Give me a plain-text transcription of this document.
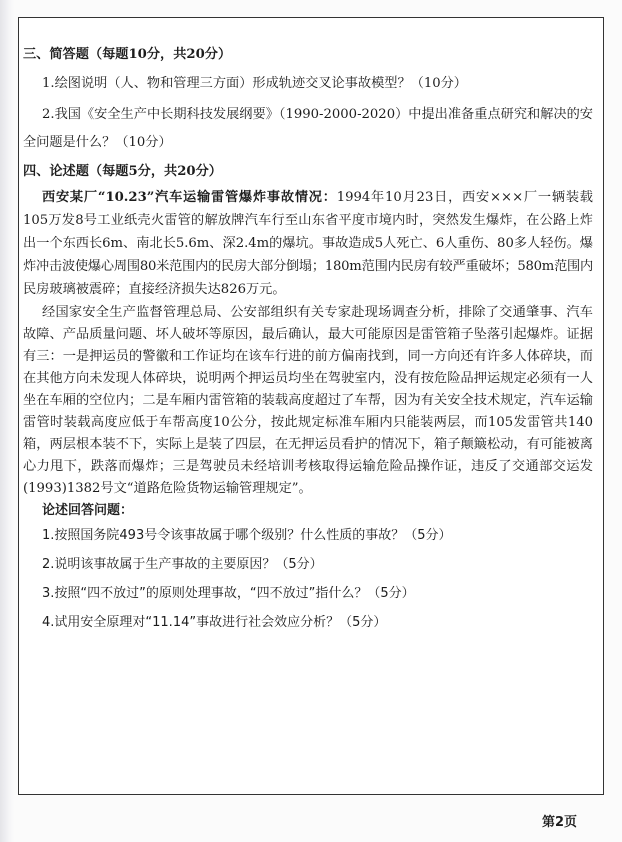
三、简答题（每题10分，共20分）
1.绘图说明（人、物和管理三方面）形成轨迹交叉论事故模型？（10分）
2.我国《安全生产中长期科技发展纲要》（1990-2000-2020）中提出准备重点研究和解决的安
全问题是什么？（10分）
四、论述题（每题5分，共20分）
西安某厂“10.23”汽车运输雷管爆炸事故情况：1994年10月23日，西安×××厂一辆装载
105万发8号工业纸壳火雷管的解放牌汽车行至山东省平度市境内时，突然发生爆炸，在公路上炸
出一个东西长6m、南北长5.6m、深2.4m的爆坑。事故造成5人死亡、6人重伤、80多人轻伤。爆
炸冲击波使爆心周围80米范围内的民房大部分倒塌；180m范围内民房有较严重破坏；580m范围内
民房玻璃被震碎；直接经济损失达826万元。
经国家安全生产监督管理总局、公安部组织有关专家赴现场调查分析，排除了交通肇事、汽车
故障、产品质量问题、坏人破坏等原因，最后确认，最大可能原因是雷管箱子坠落引起爆炸。证据
有三：一是押运员的警徽和工作证均在该车行进的前方偏南找到，同一方向还有许多人体碎块，而
在其他方向未发现人体碎块，说明两个押运员均坐在驾驶室内，没有按危险品押运规定必须有一人
坐在车厢的空位内；二是车厢内雷管箱的装载高度超过了车帮，因为有关安全技术规定，汽车运输
雷管时装载高度应低于车帮高度10公分，按此规定标准车厢内只能装两层，而105发雷管共140
箱，两层根本装不下，实际上是装了四层，在无押运员看护的情况下，箱子颠簸松动，有可能被离
心力甩下，跌落而爆炸；三是驾驶员未经培训考核取得运输危险品操作证，违反了交通部交运发
(1993)1382号文“道路危险货物运输管理规定”。
论述回答问题：
1.按照国务院493号令该事故属于哪个级别？什么性质的事故？（5分）
2.说明该事故属于生产事故的主要原因？（5分）
3.按照“四不放过”的原则处理事故，“四不放过”指什么？（5分）
4.试用安全原理对“11.14”事故进行社会效应分析？（5分）
第2页
